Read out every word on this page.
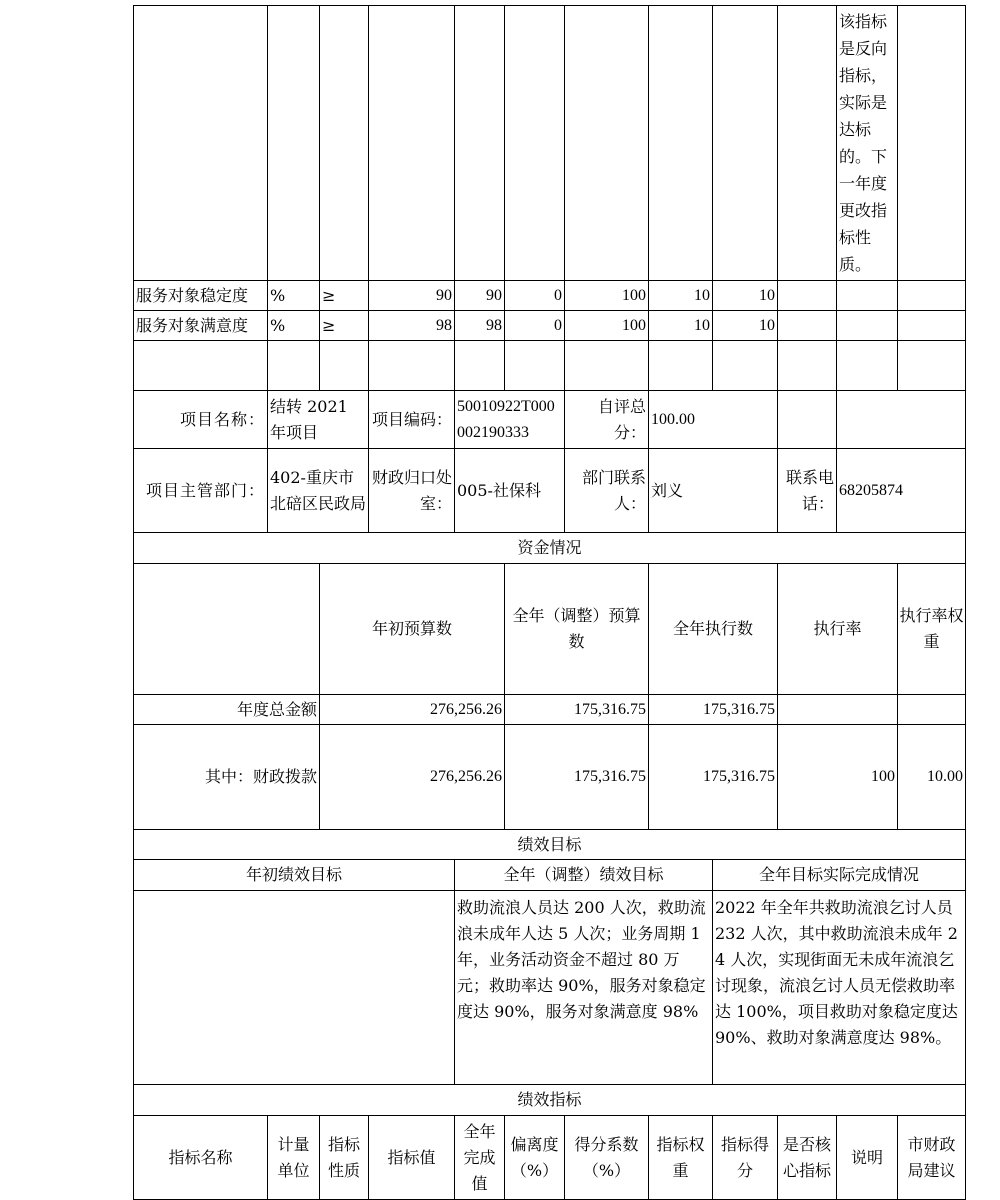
										该指标是反向指标，实际是达标的。下一年度更改指标性质。		
服务对象稳定度	%	≥	90	90	0	100	10	10				
服务对象满意度	%	≥	98	98	0	100	10	10				

项目名称：	结转 2021 年项目		项目编码：	50010922T000002190333		自评总分：	100.00					
项目主管部门：	402-重庆市北碚区民政局		财政归口处室：	005-社保科		部门联系人：	刘义		联系电话：	68205874		
资金情况												
		年初预算数			全年（调整）预算数		全年执行数		执行率		执行率权重	
年度总金额		276,256.26			175,316.75		175,316.75					
其中：财政拨款		276,256.26			175,316.75		175,316.75		100		10.00	
绩效目标												
年初绩效目标				全年（调整）绩效目标				全年目标实际完成情况				
				救助流浪人员达 200 人次，救助流浪未成年人达 5 人次；业务周期 1 年，业务活动资金不超过 80 万元；救助率达 90%，服务对象稳定度达 90%，服务对象满意度 98%				2022 年全年共救助流浪乞讨人员 232 人次，其中救助流浪未成年 24 人次，实现街面无未成年流浪乞讨现象，流浪乞讨人员无偿救助率达 100%，项目救助对象稳定度达 90%、救助对象满意度达 98%。				
绩效指标												
指标名称	计量单位	指标性质	指标值	全年完成值	偏离度（%）	得分系数（%）	指标权重	指标得分	是否核心指标	说明	市财政局建议	
